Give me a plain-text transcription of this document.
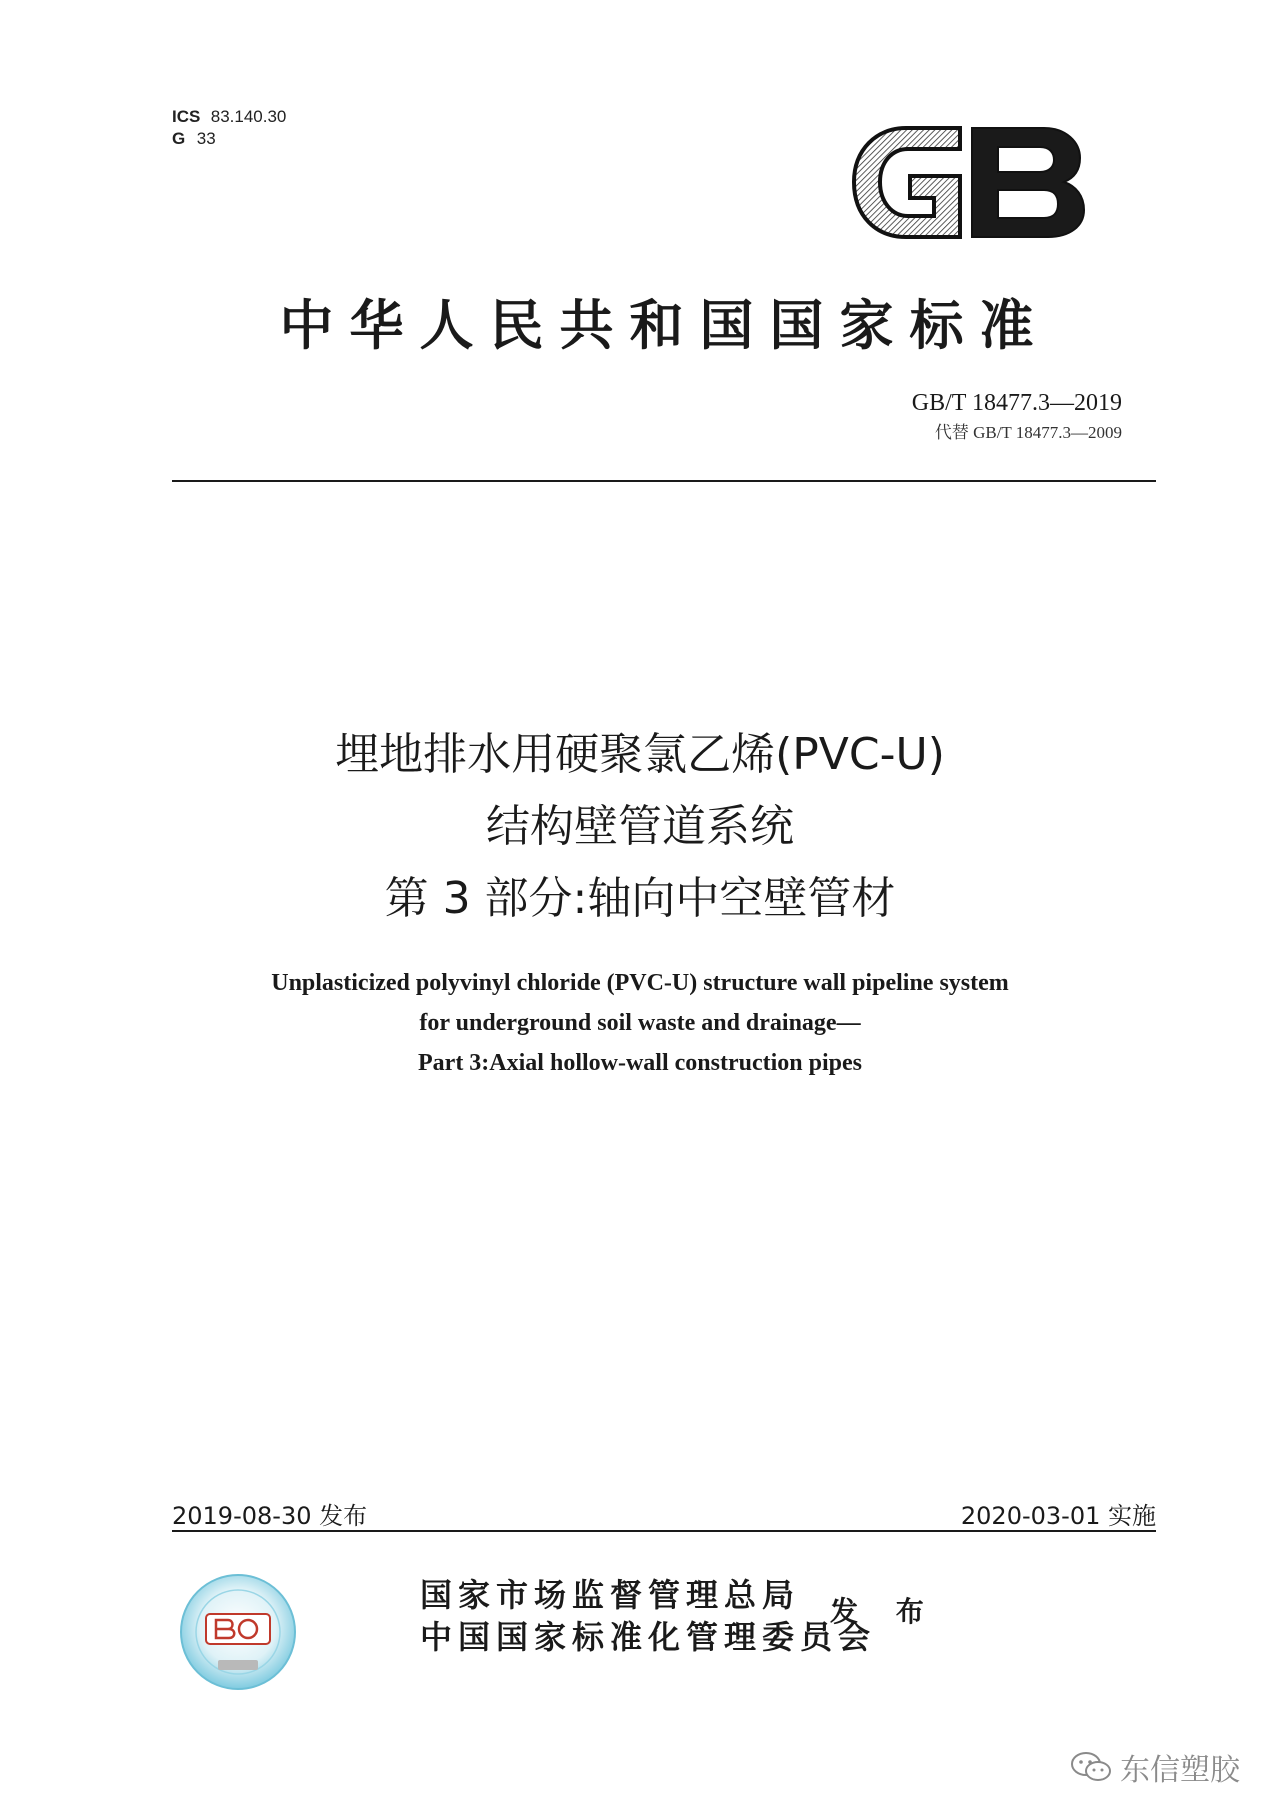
ICS 83.140.30
G 33
中华人民共和国国家标准
GB/T 18477.3—2019
代替 GB/T 18477.3—2009
埋地排水用硬聚氯乙烯(PVC-U)
结构壁管道系统
第 3 部分:轴向中空壁管材
Unplasticized polyvinyl chloride (PVC-U) structure wall pipeline system
for underground soil waste and drainage—
Part 3:Axial hollow-wall construction pipes
2019-08-30 发布	2020-03-01 实施
国家市场监督管理总局
中国国家标准化管理委员会
发 布
东信塑胶
